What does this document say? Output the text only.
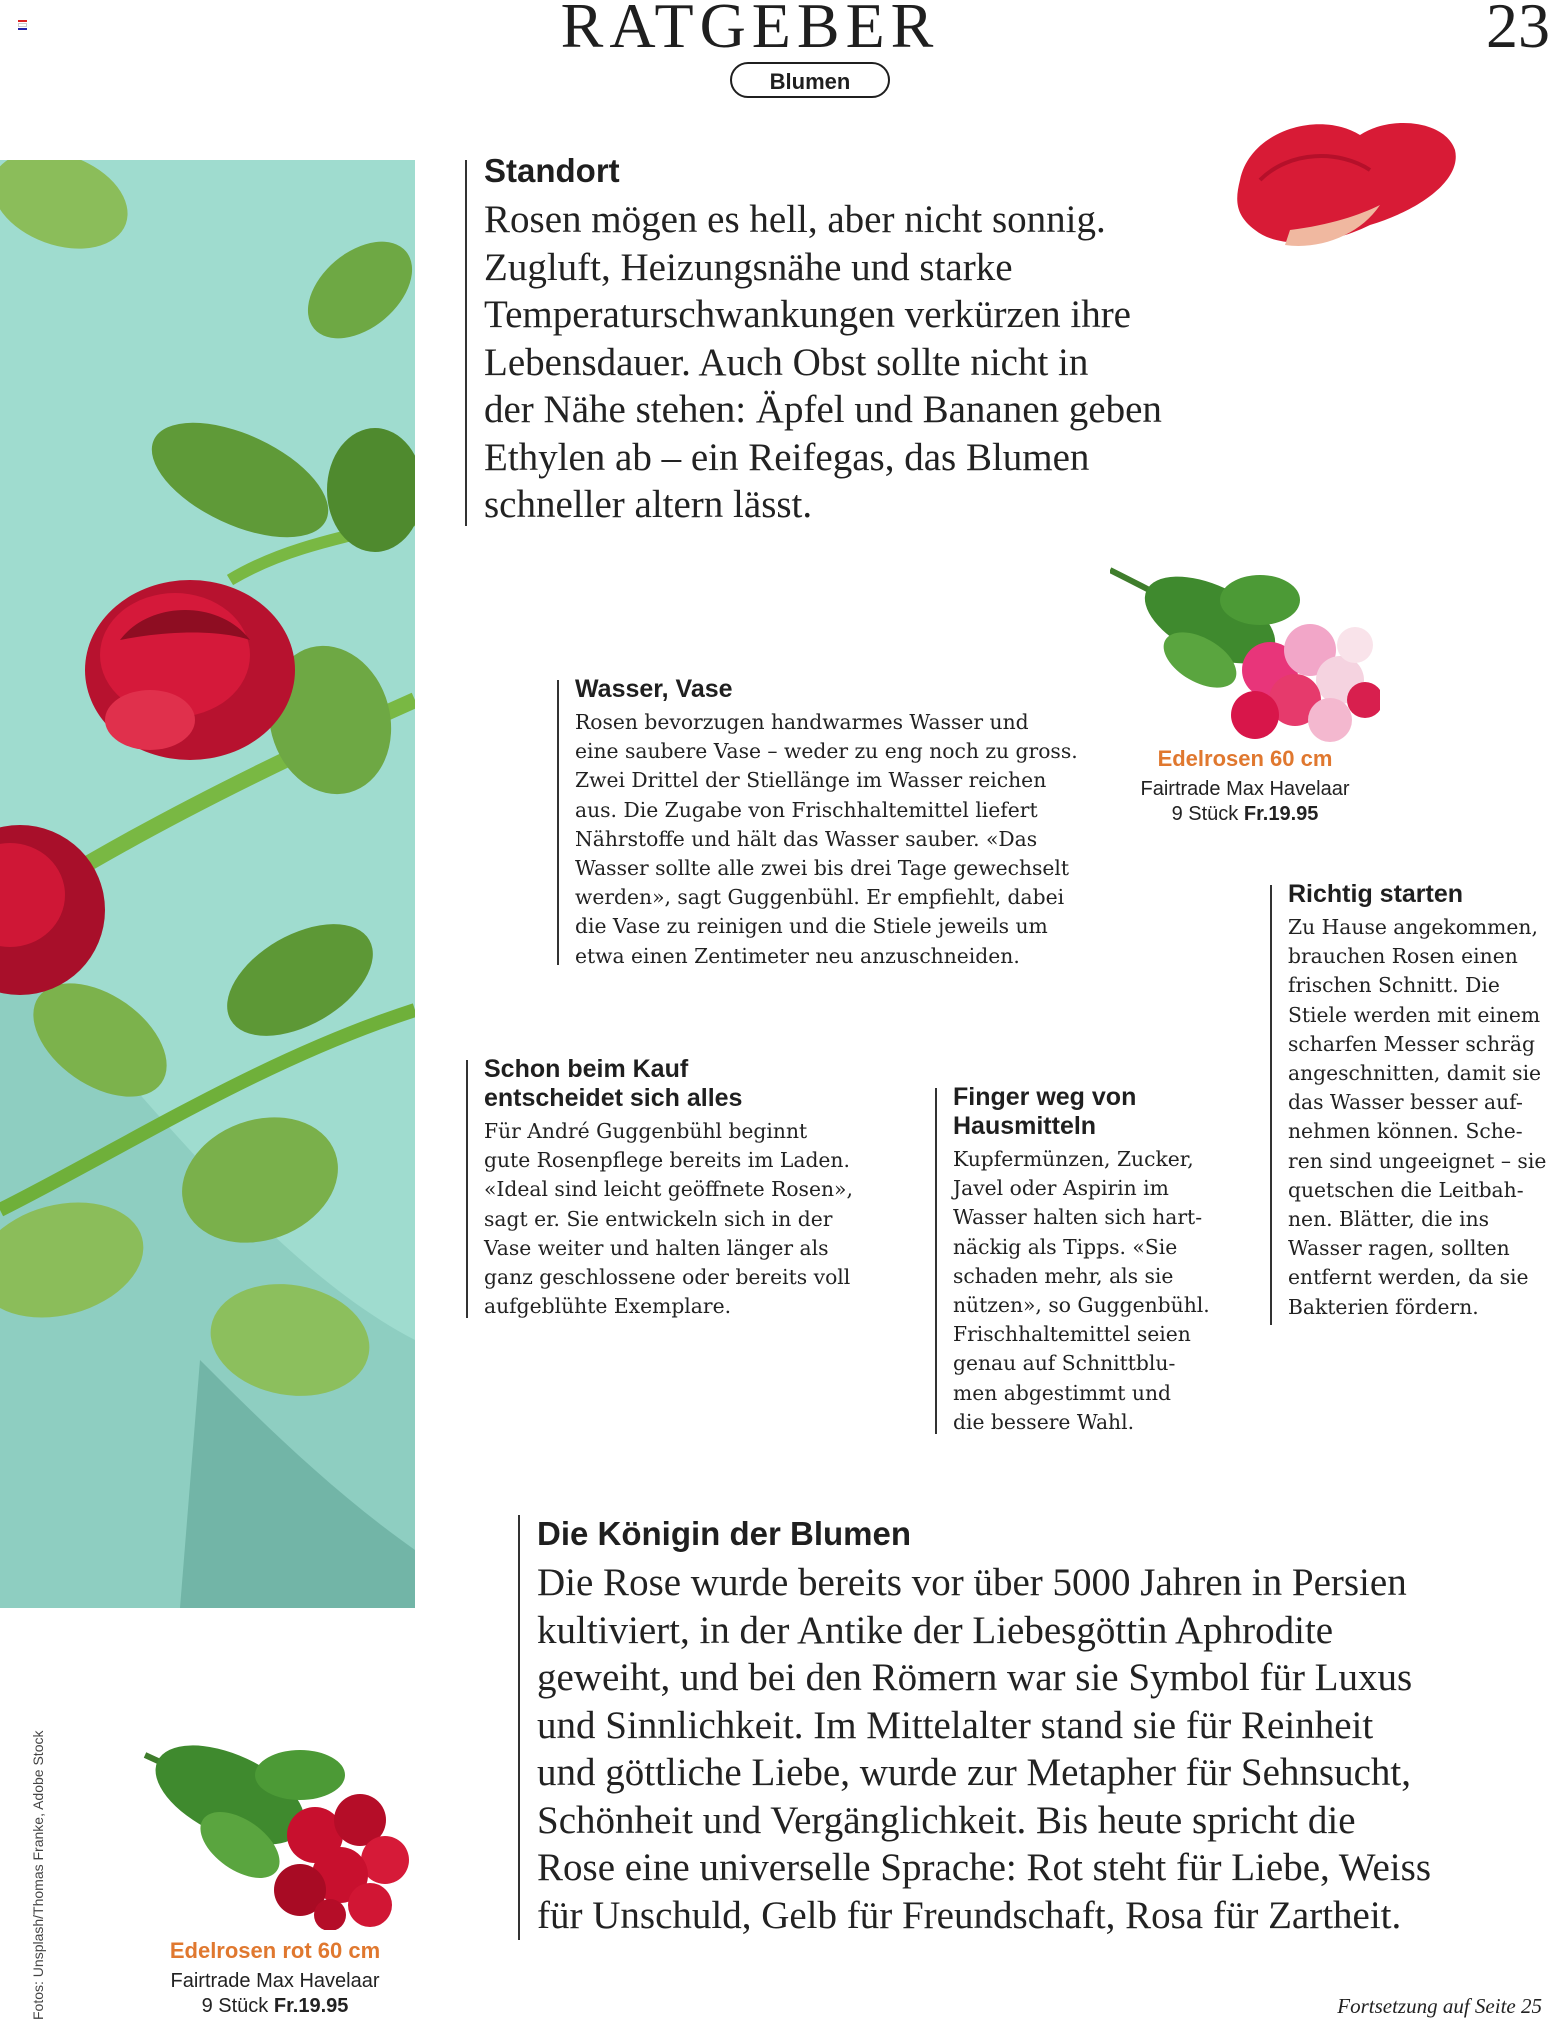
RATGEBER	23
Blumen
Standort

Rosen mögen es hell, aber nicht sonnig.

Zugluft, Heizungsnähe und starke

Temperaturschwankungen verkürzen ihre

Lebensdauer. Auch Obst sollte nicht in

der Nähe stehen: Äpfel und Bananen geben

Ethylen ab – ein Reifegas, das Blumen

schneller altern lässt.

Edelrosen 60 cm
Fairtrade Max Havelaar
9 Stück Fr.19.95
Wasser, Vase

Rosen bevorzugen handwarmes Wasser und

eine saubere Vase – weder zu eng noch zu gross.

Zwei Drittel der Stiellänge im Wasser reichen

aus. Die Zugabe von Frischhaltemittel liefert

Nährstoffe und hält das Wasser sauber. «Das

Wasser sollte alle zwei bis drei Tage gewechselt

werden», sagt Guggenbühl. Er empfiehlt, dabei

die Vase zu reinigen und die Stiele jeweils um

etwa einen Zentimeter neu anzuschneiden.

Richtig starten

Zu Hause angekommen,

brauchen Rosen einen

frischen Schnitt. Die

Stiele werden mit einem

scharfen Messer schräg

angeschnitten, damit sie

das Wasser besser auf-

nehmen können. Sche-

ren sind ungeeignet – sie

quetschen die Leitbah-

nen. Blätter, die ins

Wasser ragen, sollten

entfernt werden, da sie

Bakterien fördern.

Schon beim Kauf
entscheidet sich alles

Für André Guggenbühl beginnt

gute Rosenpflege bereits im Laden.

«Ideal sind leicht geöffnete Rosen»,

sagt er. Sie entwickeln sich in der

Vase weiter und halten länger als

ganz geschlossene oder bereits voll

aufgeblühte Exemplare.

Finger weg von
Hausmitteln

Kupfermünzen, Zucker,

Javel oder Aspirin im

Wasser halten sich hart-

näckig als Tipps. «Sie

schaden mehr, als sie

nützen», so Guggenbühl.

Frischhaltemittel seien

genau auf Schnittblu-

men abgestimmt und

die bessere Wahl.

Die Königin der Blumen

Die Rose wurde bereits vor über 5000 Jahren in Persien

kultiviert, in der Antike der Liebesgöttin Aphrodite

geweiht, und bei den Römern war sie Symbol für Luxus

und Sinnlichkeit. Im Mittelalter stand sie für Reinheit

und göttliche Liebe, wurde zur Metapher für Sehnsucht,

Schönheit und Vergänglichkeit. Bis heute spricht die

Rose eine universelle Sprache: Rot steht für Liebe, Weiss

für Unschuld, Gelb für Freundschaft, Rosa für Zartheit.

Edelrosen rot 60 cm
Fairtrade Max Havelaar
9 Stück Fr.19.95
Fotos: Unsplash/Thomas Franke, Adobe Stock	Fortsetzung auf Seite 25
